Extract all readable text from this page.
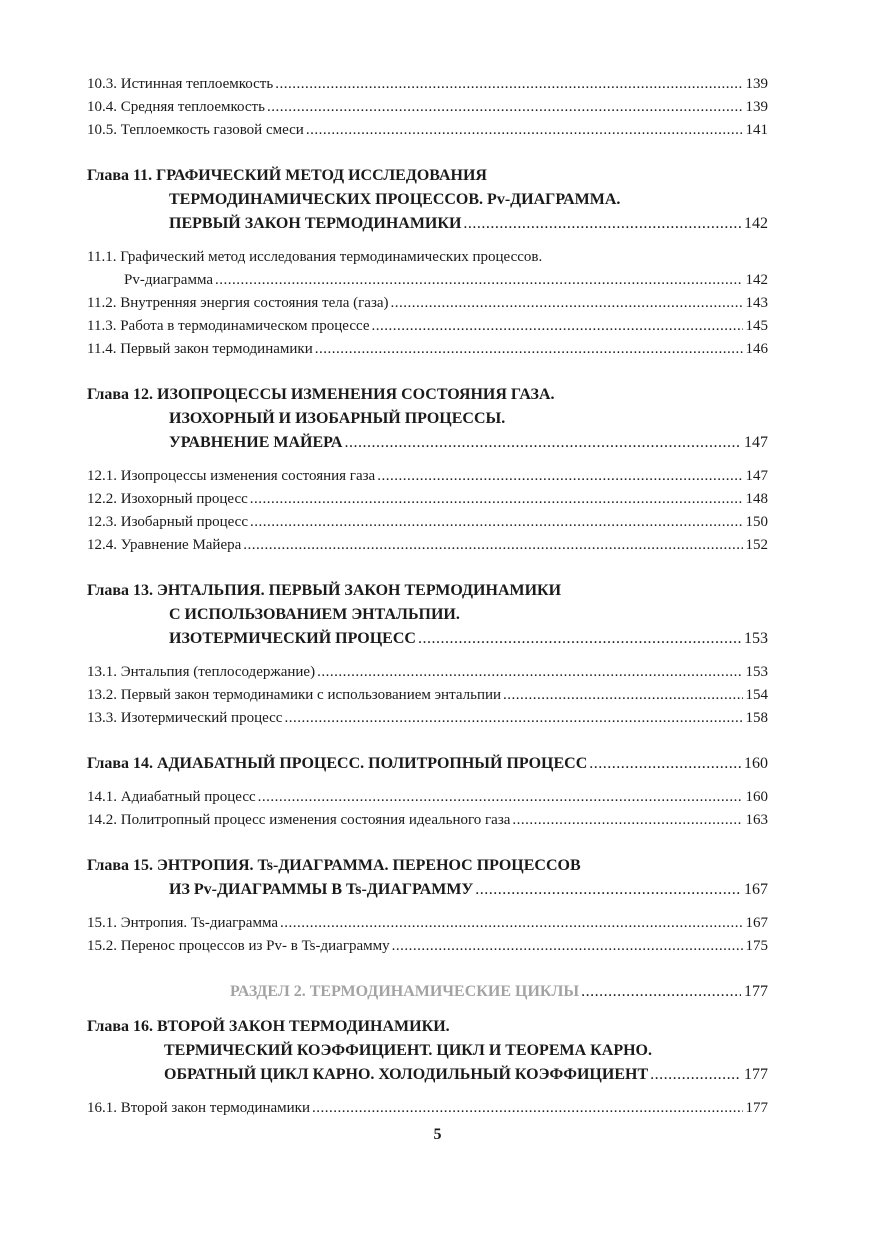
10.3. Истинная теплоемкость .....	139
10.4. Средняя теплоемкость .....	139
10.5. Теплоемкость газовой смеси .....	141
Глава 11. ГРАФИЧЕСКИЙ МЕТОД ИССЛЕДОВАНИЯ
ТЕРМОДИНАМИЧЕСКИХ ПРОЦЕССОВ. Pv-ДИАГРАММА.
ПЕРВЫЙ ЗАКОН ТЕРМОДИНАМИКИ .....	142
11.1. Графический метод исследования термодинамических процессов.
Pv-диаграмма .....	142
11.2. Внутренняя энергия состояния тела (газа) .....	143
11.3. Работа в термодинамическом процессе .....	145
11.4. Первый закон термодинамики .....	146
Глава 12. ИЗОПРОЦЕССЫ ИЗМЕНЕНИЯ СОСТОЯНИЯ ГАЗА.
ИЗОХОРНЫЙ И ИЗОБАРНЫЙ ПРОЦЕССЫ.
УРАВНЕНИЕ МАЙЕРА .....	147
12.1. Изопроцессы изменения состояния газа .....	147
12.2. Изохорный процесс .....	148
12.3. Изобарный процесс .....	150
12.4. Уравнение Майера .....	152
Глава 13. ЭНТАЛЬПИЯ. ПЕРВЫЙ ЗАКОН ТЕРМОДИНАМИКИ
С ИСПОЛЬЗОВАНИЕМ ЭНТАЛЬПИИ.
ИЗОТЕРМИЧЕСКИЙ ПРОЦЕСС .....	153
13.1. Энтальпия (теплосодержание) .....	153
13.2. Первый закон термодинамики с использованием энтальпии .....	154
13.3. Изотермический процесс .....	158
Глава 14. АДИАБАТНЫЙ ПРОЦЕСС. ПОЛИТРОПНЫЙ ПРОЦЕСС .....	160
14.1. Адиабатный процесс .....	160
14.2. Политропный процесс изменения состояния идеального газа .....	163
Глава 15. ЭНТРОПИЯ. Ts-ДИАГРАММА. ПЕРЕНОС ПРОЦЕССОВ
ИЗ Pv-ДИАГРАММЫ В Ts-ДИАГРАММУ .....	167
15.1. Энтропия. Ts-диаграмма .....	167
15.2. Перенос процессов из Pv- в Ts-диаграмму .....	175
РАЗДЕЛ 2. ТЕРМОДИНАМИЧЕСКИЕ ЦИКЛЫ .....	177
Глава 16. ВТОРОЙ ЗАКОН ТЕРМОДИНАМИКИ.
ТЕРМИЧЕСКИЙ КОЭФФИЦИЕНТ. ЦИКЛ И ТЕОРЕМА КАРНО.
ОБРАТНЫЙ ЦИКЛ КАРНО. ХОЛОДИЛЬНЫЙ КОЭФФИЦИЕНТ .....	177
16.1. Второй закон термодинамики .....	177
5
